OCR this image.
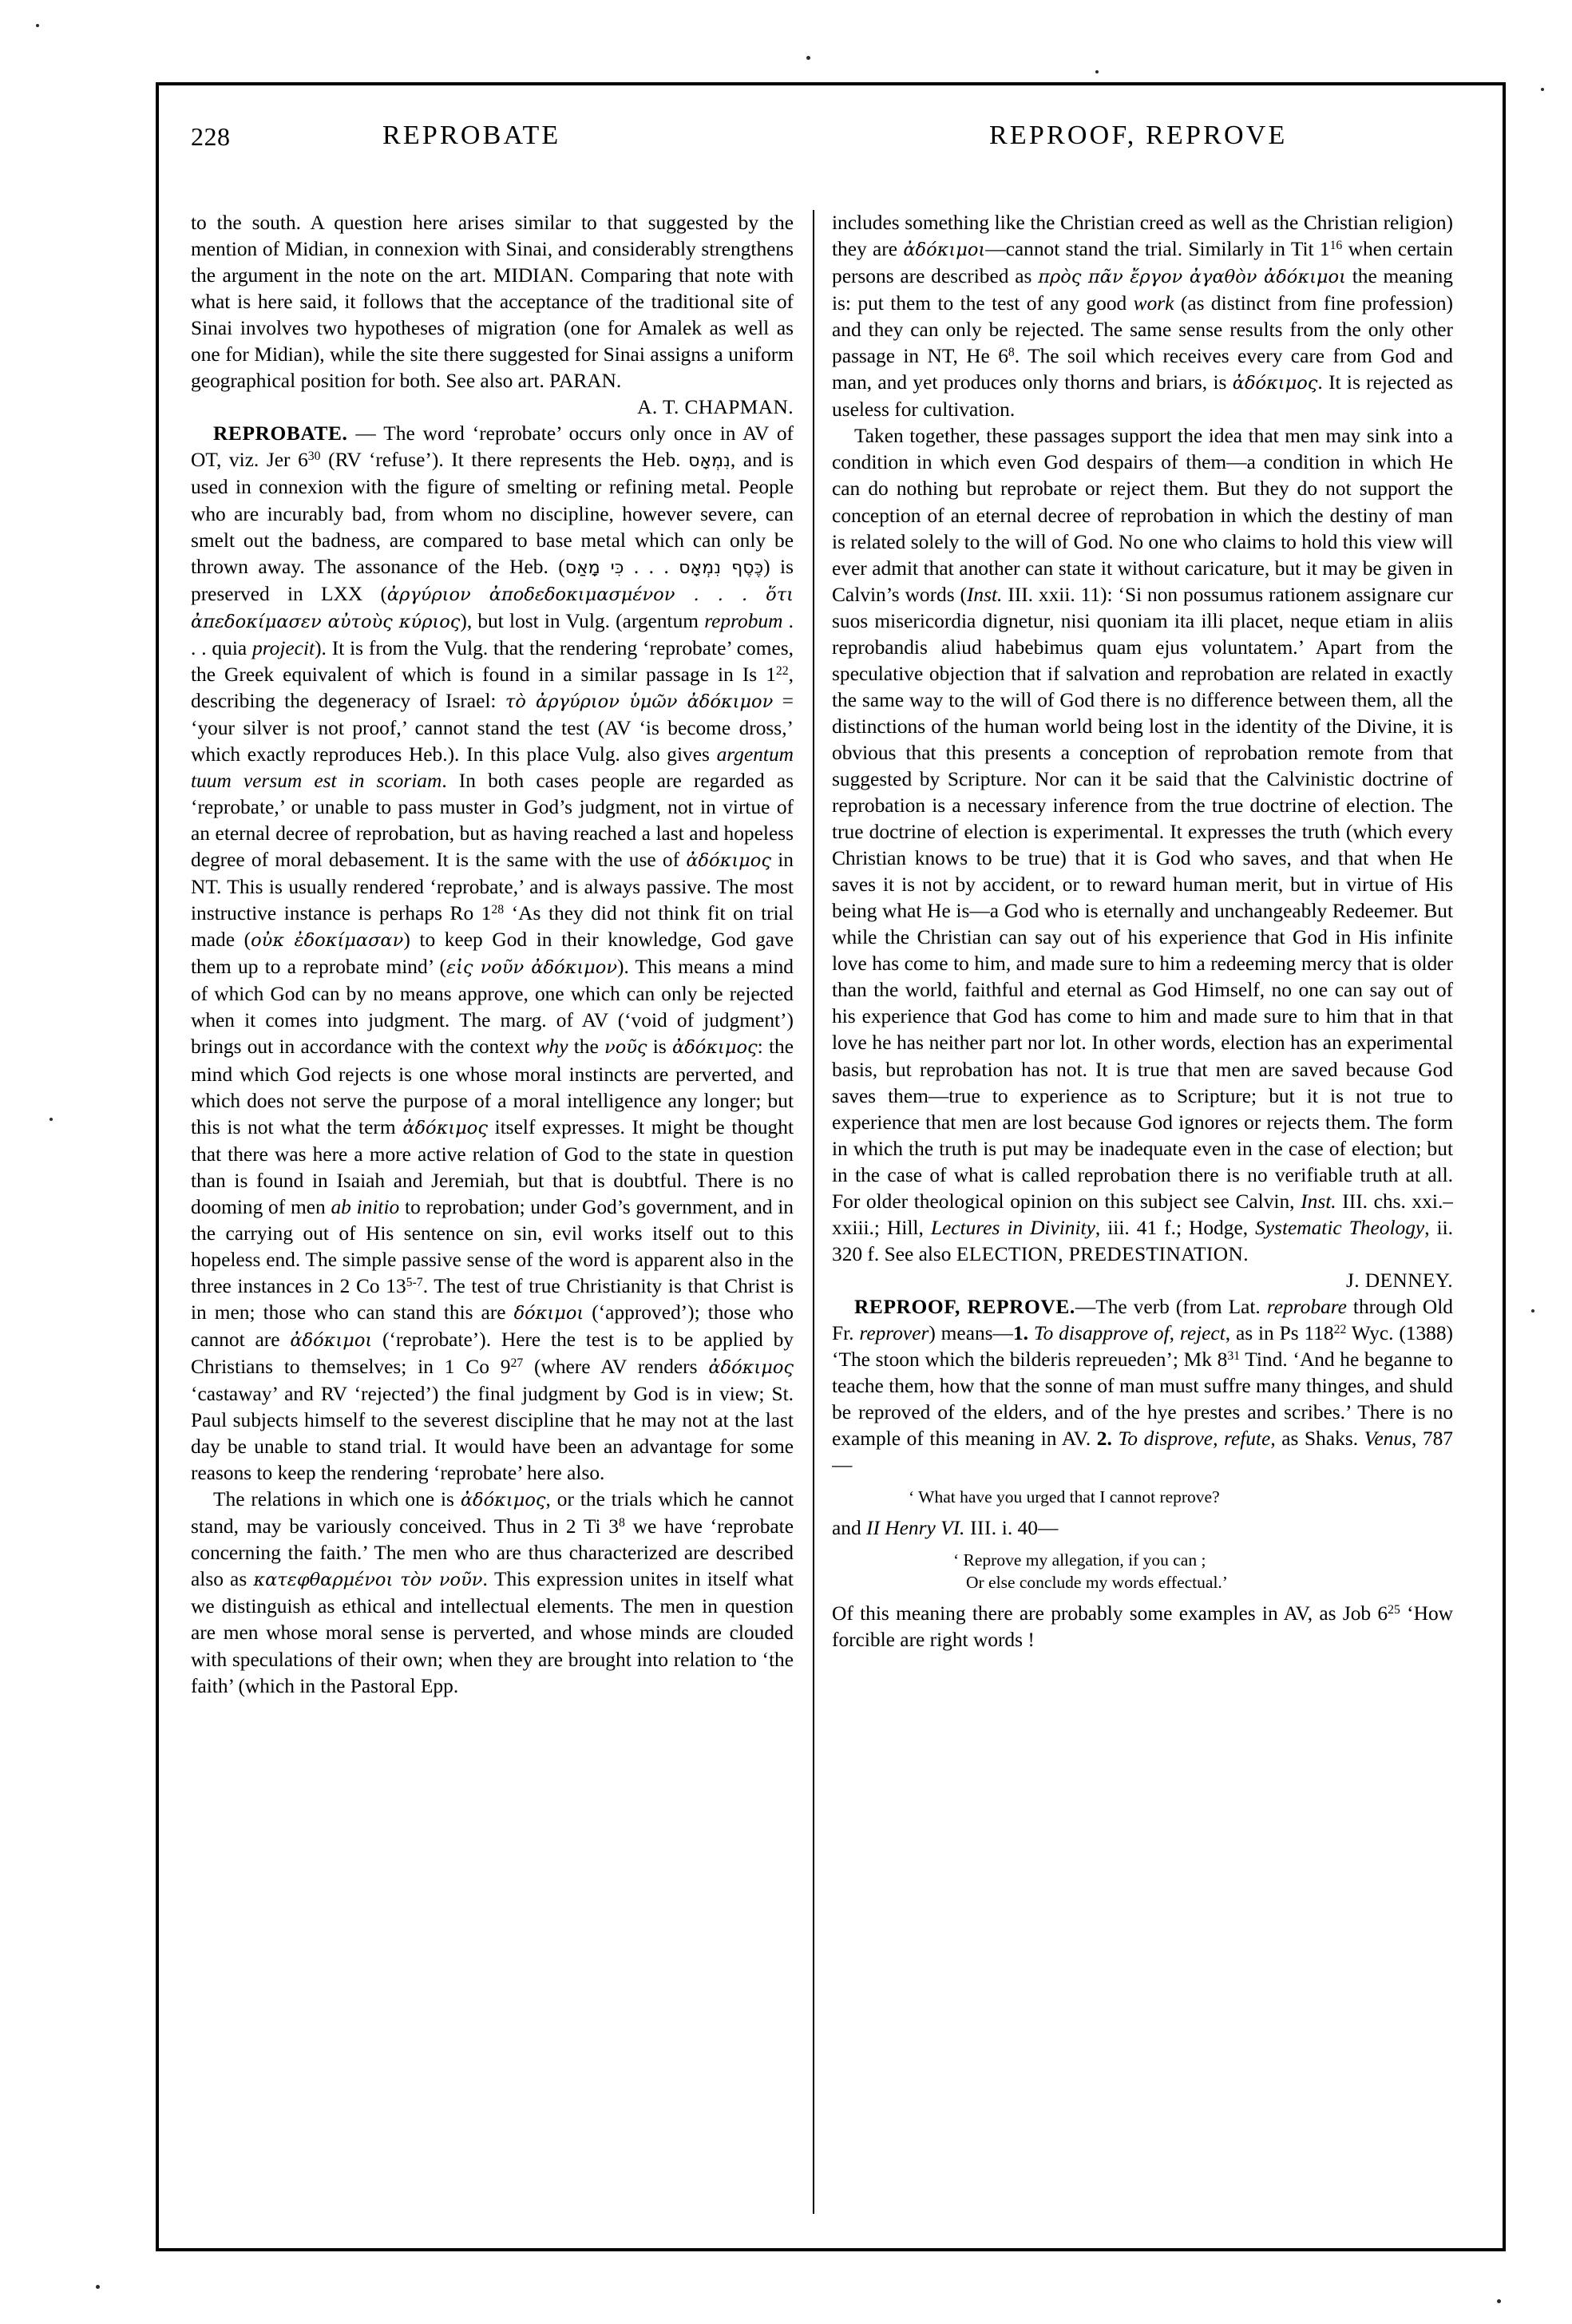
228	REPROBATE	REPROOF, REPROVE

to the south. A question here arises similar to that suggested by the mention of Midian, in connexion with Sinai, and considerably strengthens the argument in the note on the art. MIDIAN. Comparing that note with what is here said, it follows that the acceptance of the traditional site of Sinai involves two hypotheses of migration (one for Amalek as well as one for Midian), while the site there suggested for Sinai assigns a uniform geographical position for both. See also art. PARAN.

A. T. CHAPMAN.

REPROBATE. — The word ‘reprobate’ occurs only once in AV of OT, viz. Jer $6^{30}$ (RV ‘refuse’). It there represents the Heb. נִמְאָס, and is used in connexion with the figure of smelting or refining metal. People who are incurably bad, from whom no discipline, however severe, can smelt out the badness, are compared to base metal which can only be thrown away. The assonance of the Heb. (כִּי מָאַס . . . כֶּסֶף נִמְאָס) is preserved in LXX (ἀργύριον ἀποδεδοκιμασμένον . . . ὅτι ἀπεδοκίμασεν αὐτοὺς κύριος), but lost in Vulg. (argentum reprobum . . . quia projecit). It is from the Vulg. that the rendering ‘reprobate’ comes, the Greek equivalent of which is found in a similar passage in Is $1^{22}$, describing the degeneracy of Israel: τὸ ἀργύριον ὑμῶν ἀδόκιμον = ‘your silver is not proof,’ cannot stand the test (AV ‘is become dross,’ which exactly reproduces Heb.). In this place Vulg. also gives argentum tuum versum est in scoriam. In both cases people are regarded as ‘reprobate,’ or unable to pass muster in God’s judgment, not in virtue of an eternal decree of reprobation, but as having reached a last and hopeless degree of moral debasement. It is the same with the use of ἀδόκιμος in NT. This is usually rendered ‘reprobate,’ and is always passive. The most instructive instance is perhaps Ro $1^{28}$ ‘As they did not think fit on trial made (οὐκ ἐδοκίμασαν) to keep God in their knowledge, God gave them up to a reprobate mind’ (εἰς νοῦν ἀδόκιμον). This means a mind of which God can by no means approve, one which can only be rejected when it comes into judgment. The marg. of AV (‘void of judgment’) brings out in accordance with the context why the νοῦς is ἀδόκιμος: the mind which God rejects is one whose moral instincts are perverted, and which does not serve the purpose of a moral intelligence any longer; but this is not what the term ἀδόκιμος itself expresses. It might be thought that there was here a more active relation of God to the state in question than is found in Isaiah and Jeremiah, but that is doubtful. There is no dooming of men ab initio to reprobation; under God’s government, and in the carrying out of His sentence on sin, evil works itself out to this hopeless end. The simple passive sense of the word is apparent also in the three instances in 2 Co 13$^{5-7}$. The test of true Christianity is that Christ is in men; those who can stand this are δόκιμοι (‘approved’); those who cannot are ἀδόκιμοι (‘reprobate’). Here the test is to be applied by Christians to themselves; in 1 Co $9^{27}$ (where AV renders ἀδόκιμος ‘castaway’ and RV ‘rejected’) the final judgment by God is in view; St. Paul subjects himself to the severest discipline that he may not at the last day be unable to stand trial. It would have been an advantage for some reasons to keep the rendering ‘reprobate’ here also.

The relations in which one is ἀδόκιμος, or the trials which he cannot stand, may be variously conceived. Thus in 2 Ti $3^8$ we have ‘reprobate concerning the faith.’ The men who are thus characterized are described also as κατεφθαρμένοι τὸν νοῦν. This expression unites in itself what we distinguish as ethical and intellectual elements. The men in question are men whose moral sense is perverted, and whose minds are clouded with speculations of their own; when they are brought into relation to ‘the faith’ (which in the Pastoral Epp.

includes something like the Christian creed as well as the Christian religion) they are ἀδόκιμοι—cannot stand the trial. Similarly in Tit $1^{16}$ when certain persons are described as πρὸς πᾶν ἔργον ἀγαθὸν ἀδόκιμοι the meaning is: put them to the test of any good work (as distinct from fine profession) and they can only be rejected. The same sense results from the only other passage in NT, He $6^8$. The soil which receives every care from God and man, and yet produces only thorns and briars, is ἀδόκιμος. It is rejected as useless for cultivation.

Taken together, these passages support the idea that men may sink into a condition in which even God despairs of them—a condition in which He can do nothing but reprobate or reject them. But they do not support the conception of an eternal decree of reprobation in which the destiny of man is related solely to the will of God. No one who claims to hold this view will ever admit that another can state it without caricature, but it may be given in Calvin’s words (Inst. III. xxii. 11): ‘Si non possumus rationem assignare cur suos misericordia dignetur, nisi quoniam ita illi placet, neque etiam in aliis reprobandis aliud habebimus quam ejus voluntatem.’ Apart from the speculative objection that if salvation and reprobation are related in exactly the same way to the will of God there is no difference between them, all the distinctions of the human world being lost in the identity of the Divine, it is obvious that this presents a conception of reprobation remote from that suggested by Scripture. Nor can it be said that the Calvinistic doctrine of reprobation is a necessary inference from the true doctrine of election. The true doctrine of election is experimental. It expresses the truth (which every Christian knows to be true) that it is God who saves, and that when He saves it is not by accident, or to reward human merit, but in virtue of His being what He is—a God who is eternally and unchangeably Redeemer. But while the Christian can say out of his experience that God in His infinite love has come to him, and made sure to him a redeeming mercy that is older than the world, faithful and eternal as God Himself, no one can say out of his experience that God has come to him and made sure to him that in that love he has neither part nor lot. In other words, election has an experimental basis, but reprobation has not. It is true that men are saved because God saves them—true to experience as to Scripture; but it is not true to experience that men are lost because God ignores or rejects them. The form in which the truth is put may be inadequate even in the case of election; but in the case of what is called reprobation there is no verifiable truth at all. For older theological opinion on this subject see Calvin, Inst. III. chs. xxi.–xxiii.; Hill, Lectures in Divinity, iii. 41 f.; Hodge, Systematic Theology, ii. 320 f. See also ELECTION, PREDESTINATION.

J. DENNEY.

REPROOF, REPROVE.—The verb (from Lat. reprobare through Old Fr. reprover) means—1. To disapprove of, reject, as in Ps $118^{22}$ Wyc. (1388) ‘The stoon which the bilderis repreueden’; Mk $8^{31}$ Tind. ‘And he beganne to teache them, how that the sonne of man must suffre many thinges, and shuld be reproved of the elders, and of the hye prestes and scribes.’ There is no example of this meaning in AV. 2. To disprove, refute, as Shaks. Venus, 787—

‘ What have you urged that I cannot reprove?

and II Henry VI. III. i. 40—

‘ Reprove my allegation, if you can ;
Or else conclude my words effectual.’

Of this meaning there are probably some examples in AV, as Job $6^{25}$ ‘How forcible are right words !
